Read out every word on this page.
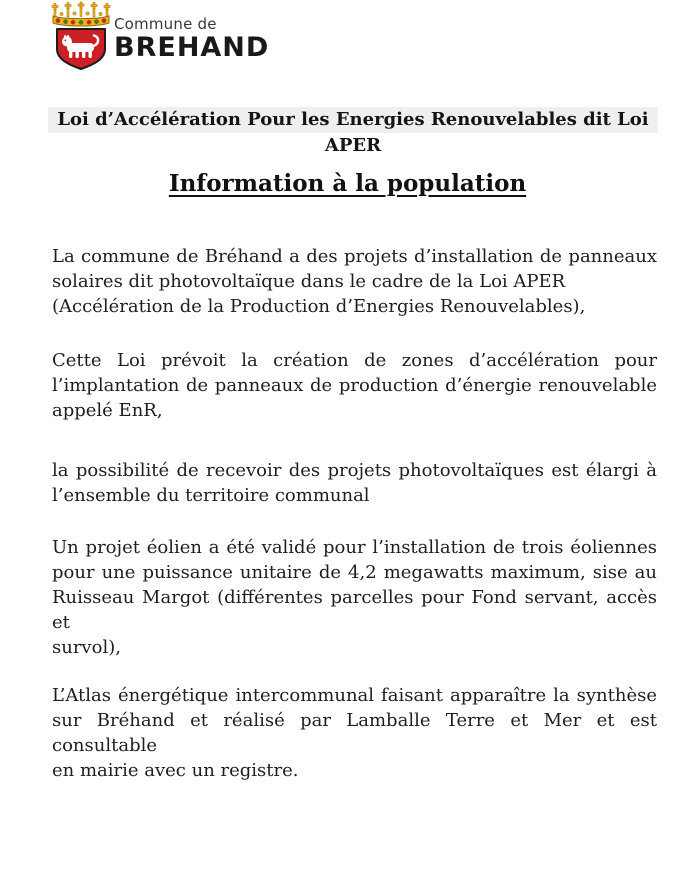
Commune de
BREHAND
Loi d’Accélération Pour les Energies Renouvelables dit Loi APER
Information à la population

La commune de Bréhand a des projets d’installation de panneaux
solaires dit photovoltaïque dans le cadre de la Loi APER
(Accélération de la Production d’Energies Renouvelables),

Cette Loi prévoit la création de zones d’accélération pour
l’implantation de panneaux de production d’énergie renouvelable
appelé EnR,

la possibilité de recevoir des projets photovoltaïques est élargi à
l’ensemble du territoire communal

Un projet éolien a été validé pour l’installation de trois éoliennes
pour une puissance unitaire de 4,2 megawatts maximum, sise au
Ruisseau Margot (différentes parcelles pour Fond servant, accès et
survol),

L’Atlas énergétique intercommunal faisant apparaître la synthèse
sur Bréhand et réalisé par Lamballe Terre et Mer et est consultable
en mairie avec un registre.
